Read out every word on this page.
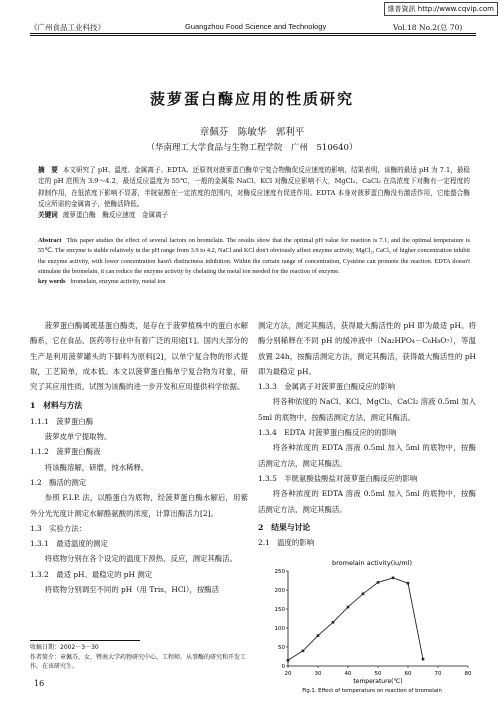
維普資訊 http://www.cqvip.com
《广州食品工业科技》	Guangzhou Food Science and Technology	Vol.18 No.2(总 70)
菠萝蛋白酶应用的性质研究
章佩芬　陈敏华　郭利平
（华南理工大学食品与生物工程学院　广州　510640）
摘　要 本文研究了 pH、温度、金属离子、EDTA、还原剂对菠萝蛋白酶单宁复合物酶促反应速度的影响，结果表明，该酶的最适 pH 为 7.1，最稳定的 pH 范围为 3.9～4.2，最适反应温度为 55℃，一般的金属盐 NaCl、KCl 对酶反应影响不大，MgCl₂、CaCl₂ 在高浓度下对酶有一定程度的抑制作用，在低浓度下影响不显著，半胱氨酸在一定浓度的范围内，对酶反应速度有促进作用。EDTA 本身对菠萝蛋白酶没有激活作用，它能螯合酶反应所需的金属离子，使酶活降低。
关键词 菠萝蛋白酶　酶反应速度　金属离子
Abstract This paper studies the effect of several factors on bromelain. The results show that the optimal pH value for reaction is 7.1, and the optimal temperature is 55℃. The enzyme is stable relatively in the pH range from 3.9 to 4.2, NaCl and KCl don't obviously affect enzyme activity, MgCl₂, CaCl₂ of higher concentration inhibit the enzyme activity, with lower concentration hasn't distinctness inhibition. Within the certain range of concentration, Cysteine can promote the reaction. EDTA doesn't stimulate the bromelain, it can reduce the enzyme activity by chelating the metal ion needed for the reaction of enzyme.
key words bromelain, enzyme activity, metal ion

菠萝蛋白酶属巯基蛋白酶类，是存在于菠萝植株中的蛋白水解酶系，它在食品、医药等行业中有着广泛的用途[1]。国内大部分的生产是利用菠萝罐头的下脚料为原料[2]，以单宁复合物的形式提取，工艺简单，成本低。本文以菠萝蛋白酶单宁复合物为对象，研究了其应用性质。试图为该酶的进一步开发和应用提供科学依据。

1　材料与方法

1.1.1　菠萝蛋白酶

菠萝皮单宁提取物。

1.1.2　菠萝蛋白酶液

将该酶溶解，研磨，纯水稀释。

1.2　酶活的测定

参照 F.I.P. 法，以酪蛋白为底物，经菠萝蛋白酶水解后，用紫外分光光度计测定水解酪氨酸的浓度，计算出酶活力[2]。

1.3　实验方法：

1.3.1　最适温度的测定

将底物分别在各个设定的温度下预热、反应，测定其酶活。

1.3.2　最适 pH、最稳定的 pH 测定

将底物分别调至不同的 pH（用 Tris、HCl），按酶活

收稿日期：2002－3－30
作者简介：章佩芬，女，暨南大学药物研究中心，工程师。从事酶的研究和开发工作。在该研究生。
16

测定方法，测定其酶活，获得最大酶活性的 pH 即为最适 pH。将酶分别稀释在不同 pH 的缓冲液中（Na₂HPO₄－C₆H₈O₇），等温放置 24h，按酶活测定方法，测定其酶活，获得最大酶活性的 pH 即为最稳定 pH。

1.3.3　金属离子对菠萝蛋白酶反应的影响

将各种浓度的 NaCl、KCl、MgCl₂、CaCl₂ 溶液 0.5ml 加入 5ml 的底物中，按酶活测定方法，测定其酶活。

1.3.4　EDTA 对菠萝蛋白酶反应的的影响

将各种浓度的 EDTA 溶液 0.5ml 加入 5ml 的底物中，按酶活测定方法，测定其酶活。

1.3.5　半胱氨酸盐酸盐对菠萝蛋白酶反应的影响

将各种浓度的 EDTA 溶液 0.5ml 加入 5ml 的底物中，按酶活测定方法，测定其酶活。

2　结果与讨论

2.1　温度的影响

bromelain activity(iu/ml)
0
50
100
150
200
250
20	30	40	50	60	70	80
temperature(℃)
Fig.1. Effect of temperature on reaction of bromelain
